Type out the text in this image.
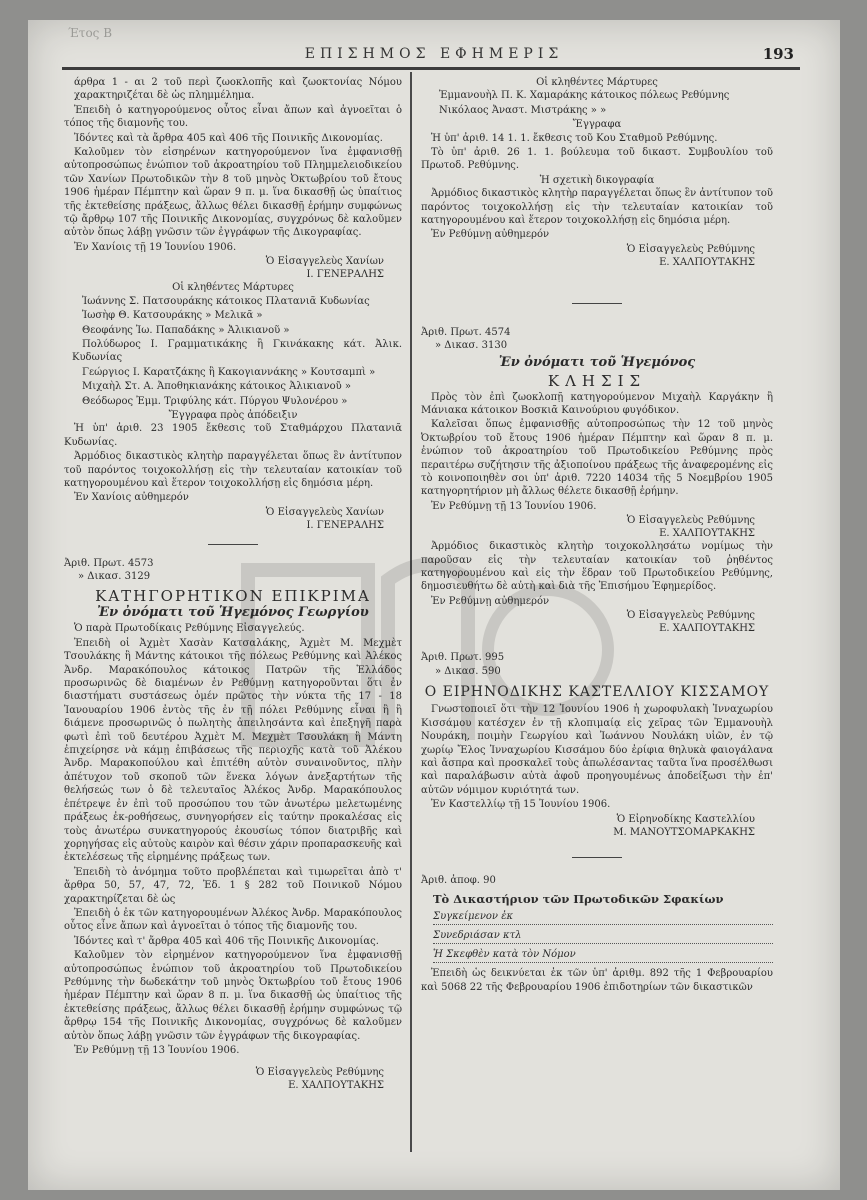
Έτος Β
ΕΠΙΣΗΜΟΣ ΕΦΗΜΕΡΙΣ	193

άρθρα 1 - αι 2 τοῦ περὶ ζωοκλοπῆς καὶ ζωοκτονίας Νόμου χαρακτηριζέται δὲ ὡς πλημμέλημα.

Ἐπειδὴ ὁ κατηγορούμενος οὗτος εἶναι ἄπων καὶ ἀγνοεῖται ὁ τόπος τῆς διαμονῆς του.

Ἰδόντες καὶ τὰ ἄρθρα 405 καὶ 406 τῆς Ποινικῆς Δικονομίας.

Καλοῦμεν τὸν εἰσηρένων κατηγορούμενον ἵνα ἐμφανισθῇ αὐτοπροσώπως ἐνώπιον τοῦ ἀκροατηρίου τοῦ Πλημμελειοδικείου τῶν Χανίων Πρωτοδικῶν τὴν 8 τοῦ μηνὸς Ὀκτωβρίου τοῦ ἔτους 1906 ἡμέραν Πέμπτην καὶ ὥραν 9 π. μ. ἵνα δικασθῇ ὡς ὑπαίτιος τῆς ἐκτεθείσης πράξεως, ἄλλως θέλει δικασθῇ ἐρήμην συμφώνως τῷ ἄρθρῳ 107 τῆς Ποινικῆς Δικονομίας, συγχρόνως δὲ καλοῦμεν αὐτὸν ὅπως λάβῃ γνῶσιν τῶν ἐγγράφων τῆς Δικογραφίας.

Ἐν Χανίοις τῇ 19 Ἰουνίου 1906.

Ὁ Εἰσαγγελεὺς Χανίων
Ι. ΓΕΝΕΡΑΛΗΣ
Οἱ κληθέντες Μάρτυρες

Ἰωάννης Σ. Πατσουράκης κάτοικος Πλατανιᾶ Κυδωνίας

Ἰωσὴφ Θ. Κατσουράκης » Μελικᾶ »

Θεοφάνης Ἰω. Παπαδάκης » Ἀλικιανοῦ »

Πολύδωρος Ι. Γραμματικάκης ἢ Γκινάκακης κάτ. Ἀλικ. Κυδωνίας

Γεώργιος Ι. Καρατζάκης ἢ Κακογιαννάκης » Κουτσαμπὶ »

Μιχαὴλ Στ. Α. Ἀποθηκιανάκης κάτοικος Ἀλικιανοῦ »

Θεόδωρος Ἐμμ. Τριφύλης κάτ. Πύργου Ψυλονέρου »

Ἔγγραφα πρὸς ἀπόδειξιν

Ἡ ὑπ' ἀριθ. 23 1905 ἔκθεσις τοῦ Σταθμάρχου Πλατανιᾶ Κυδωνίας.

Ἀρμόδιος δικαστικὸς κλητὴρ παραγγέλεται ὅπως ἓν ἀντίτυπον τοῦ παρόντος τοιχοκολλήσῃ εἰς τὴν τελευταίαν κατοικίαν τοῦ κατηγορουμένου καὶ ἕτερον τοιχοκολλήσῃ εἰς δημόσια μέρη.

Ἐν Χανίοις αὐθημερόν

Ὁ Εἰσαγγελεὺς Χανίων
Ι. ΓΕΝΕΡΑΛΗΣ
Ἀριθ. Πρωτ. 4573
» Δικασ. 3129
ΚΑΤΗΓΟΡΗΤΙΚΟΝ ΕΠΙΚΡΙΜΑ
Ἐν ὀνόματι τοῦ Ἡγεμόνος Γεωργίου

Ὁ παρὰ Πρωτοδίκαις Ρεθύμνης Εἰσαγγελεύς.

Ἐπειδὴ οἱ Ἀχμὲτ Χασὰν Κατσαλάκης, Ἀχμὲτ Μ. Μεχμὲτ Τσουλάκης ἢ Μάντης κάτοικοι τῆς πόλεως Ρεθύμνης καὶ Ἀλέκος Ἀνδρ. Μαρακόπουλος κάτοικος Πατρῶν τῆς Ἑλλάδος προσωρινῶς δὲ διαμένων ἐν Ρεθύμνῃ κατηγοροῦνται ὅτι ἐν διαστήματι συστάσεως ὁμέν πρῶτος τὴν νύκτα τῆς 17 - 18 Ἰανουαρίου 1906 ἐντὸς τῆς ἐν τῇ πόλει Ρεθύμνης εἶναι ἢ ἢ διάμενε προσωρινῶς ὁ πωλητὴς ἀπειλησάντα καὶ ἐπεξηγῆ παρὰ φωτὶ ἐπὶ τοῦ δευτέρου Ἀχμὲτ Μ. Μεχμὲτ Τσουλάκη ἢ Μάντη ἐπιχείρησε νὰ κάμῃ ἐπιβάσεως τῆς περιοχῆς κατὰ τοῦ Ἀλέκου Ἀνδρ. Μαρακοπούλου καὶ ἐπιτέθη αὐτὸν συναινοῦντος, πλὴν ἀπέτυχον τοῦ σκοποῦ τῶν ἕνεκα λόγων ἀνεξαρτήτων τῆς θελήσεώς των ὁ δὲ τελευταῖος Ἀλέκος Ἀνδρ. Μαρακόπουλος ἐπέτρεψε ἐν ἐπὶ τοῦ προσώπου του τῶν ἀνωτέρω μελετωμένης πράξεως ἐκ-ροθήσεως, συνηγορήσεν εἰς ταύτην προκαλέσας εἰς τοὺς ἀνωτέρω συνκατηγορούς ἐκουσίως τόπον διατριβῆς καὶ χορηγήσας εἰς αὐτοὺς καιρὸν καὶ θέσιν χάριν προπαρασκευῆς καὶ ἐκτελέσεως τῆς εἰρημένης πράξεως των.

Ἐπειδὴ τὸ ἀνόμημα τοῦτο προβλέπεται καὶ τιμωρεῖται ἀπὸ τ' ἄρθρα 50, 57, 47, 72, Ἐδ. 1 § 282 τοῦ Ποινικοῦ Νόμου χαρακτηρίζεται δὲ ὡς

Ἐπειδὴ ὁ ἐκ τῶν κατηγορουμένων Ἀλέκος Ἀνδρ. Μαρακόπουλος οὗτος εἶνε ἄπων καὶ ἀγνοεῖται ὁ τόπος τῆς διαμονῆς του.

Ἰδόντες καὶ τ' ἄρθρα 405 καὶ 406 τῆς Ποινικῆς Δικονομίας.

Καλοῦμεν τὸν εἰρημένον κατηγορούμενον ἵνα ἐμφανισθῇ αὐτοπροσώπως ἐνώπιον τοῦ ἀκροατηρίου τοῦ Πρωτοδικείου Ρεθύμνης τὴν δωδεκάτην τοῦ μηνὸς Ὀκτωβρίου τοῦ ἔτους 1906 ἡμέραν Πέμπτην καὶ ὥραν 8 π. μ. ἵνα δικασθῇ ὡς ὑπαίτιος τῆς ἐκτεθείσης πράξεως, ἄλλως θέλει δικασθῇ ἐρήμην συμφώνως τῷ ἄρθρῳ 154 τῆς Ποινικῆς Δικονομίας, συγχρόνως δὲ καλοῦμεν αὐτὸν ὅπως λάβῃ γνῶσιν τῶν ἐγγράφων τῆς δικογραφίας.

Ἐν Ρεθύμνῃ τῇ 13 Ἰουνίου 1906.

Ὁ Εἰσαγγελεὺς Ρεθύμνης
Ε. ΧΑΛΠΟΥΤΑΚΗΣ
Οἱ κληθέντες Μάρτυρες

Ἐμμανουὴλ Π. Κ. Χαμαράκης κάτοικος πόλεως Ρεθύμνης

Νικόλαος Ἀναστ. Μιστράκης » »

Ἔγγραφα

Ἡ ὑπ' ἀριθ. 14 1. 1. ἔκθεσις τοῦ Κου Σταθμοῦ Ρεθύμνης.

Τὸ ὑπ' ἀριθ. 26 1. 1. βούλευμα τοῦ δικαστ. Συμβουλίου τοῦ Πρωτοδ. Ρεθύμνης.

Ἡ σχετικὴ δικογραφία

Ἀρμόδιος δικαστικὸς κλητὴρ παραγγέλεται ὅπως ἓν ἀντίτυπον τοῦ παρόντος τοιχοκολλήσῃ εἰς τὴν τελευταίαν κατοικίαν τοῦ κατηγορουμένου καὶ ἕτερον τοιχοκολλήσῃ εἰς δημόσια μέρη.

Ἐν Ρεθύμνῃ αὐθημερόν

Ὁ Εἰσαγγελεὺς Ρεθύμνης
Ε. ΧΑΛΠΟΥΤΑΚΗΣ
Ἀριθ. Πρωτ. 4574
» Δικασ. 3130
Ἐν ὀνόματι τοῦ Ἡγεμόνος
ΚΛΗΣΙΣ

Πρὸς τὸν ἐπὶ ζωοκλοπῇ κατηγορούμενον Μιχαὴλ Καργάκην ἢ Μάνιακα κάτοικον Βοσκιᾶ Καινούριου φυγόδικον.

Καλεῖσαι ὅπως ἐμφανισθῇς αὐτοπροσώπως τὴν 12 τοῦ μηνὸς Ὀκτωβρίου τοῦ ἔτους 1906 ἡμέραν Πέμπτην καὶ ὥραν 8 π. μ. ἐνώπιον τοῦ ἀκροατηρίου τοῦ Πρωτοδικείου Ρεθύμνης πρὸς περαιτέρω συζήτησιν τῆς ἀξιοποίνου πράξεως τῆς ἀναφερομένης εἰς τὸ κοινοποιηθὲν σοι ὑπ' ἀριθ. 7220 14034 τῆς 5 Νοεμβρίου 1905 κατηγορητήριον μὴ ἄλλως θέλετε δικασθῇ ἐρήμην.

Ἐν Ρεθύμνῃ τῇ 13 Ἰουνίου 1906.

Ὁ Εἰσαγγελεὺς Ρεθύμνης
Ε. ΧΑΛΠΟΥΤΑΚΗΣ

Ἀρμόδιος δικαστικὸς κλητὴρ τοιχοκολλησάτω νομίμως τὴν παροῦσαν εἰς τὴν τελευταίαν κατοικίαν τοῦ ῥηθέντος κατηγορουμένου καὶ εἰς τὴν ἕδραν τοῦ Πρωτοδικείου Ρεθύμνης, δημοσιευθήτω δὲ αὐτὴ καὶ διὰ τῆς Ἐπισήμου Ἐφημερίδος.

Ἐν Ρεθύμνῃ αὐθημερόν

Ὁ Εἰσαγγελεὺς Ρεθύμνης
Ε. ΧΑΛΠΟΥΤΑΚΗΣ
Ἀριθ. Πρωτ. 995
» Δικασ. 590
Ο ΕΙΡΗΝΟΔΙΚΗΣ ΚΑΣΤΕΛΛΙΟΥ ΚΙΣΣΑΜΟΥ

Γνωστοποιεῖ ὅτι τὴν 12 Ἰουνίου 1906 ἡ χωροφυλακὴ Ἰνναχωρίου Κισσάμου κατέσχεν ἐν τῇ κλοπιμαίᾳ εἰς χεῖρας τῶν Ἐμμανουὴλ Νουράκη, ποιμὴν Γεωργίου καὶ Ἰωάννου Νουλάκη υἱῶν, ἐν τῷ χωρίῳ Ἔλος Ἰνναχωρίου Κισσάμου δύο ἐρίφια θηλυκὰ φαιογάλανα καὶ ἄσπρα καὶ προσκαλεῖ τοὺς ἀπωλέσαντας ταῦτα ἵνα προσέλθωσι καὶ παραλάβωσιν αὐτὰ ἀφοῦ προηγουμένως ἀποδείξωσι τὴν ἐπ' αὐτῶν νόμιμον κυριότητά των.

Ἐν Καστελλίῳ τῇ 15 Ἰουνίου 1906.

Ὁ Εἰρηνοδίκης Καστελλίου
Μ. ΜΑΝΟΥΤΣΟΜΑΡΚΑΚΗΣ
Ἀριθ. ἀποφ. 90
Τὸ Δικαστήριον τῶν Πρωτοδικῶν Σφακίων
Συγκείμενον ἐκ
Συνεδριάσαν κτλ
Ἡ Σκεφθὲν κατὰ τὸν Νόμον

Ἐπειδὴ ὡς δεικνύεται ἐκ τῶν ὑπ' ἀριθμ. 892 τῆς 1 Φεβρουαρίου καὶ 5068 22 τῆς Φεβρουαρίου 1906 ἐπιδοτηρίων τῶν δικαστικῶν
